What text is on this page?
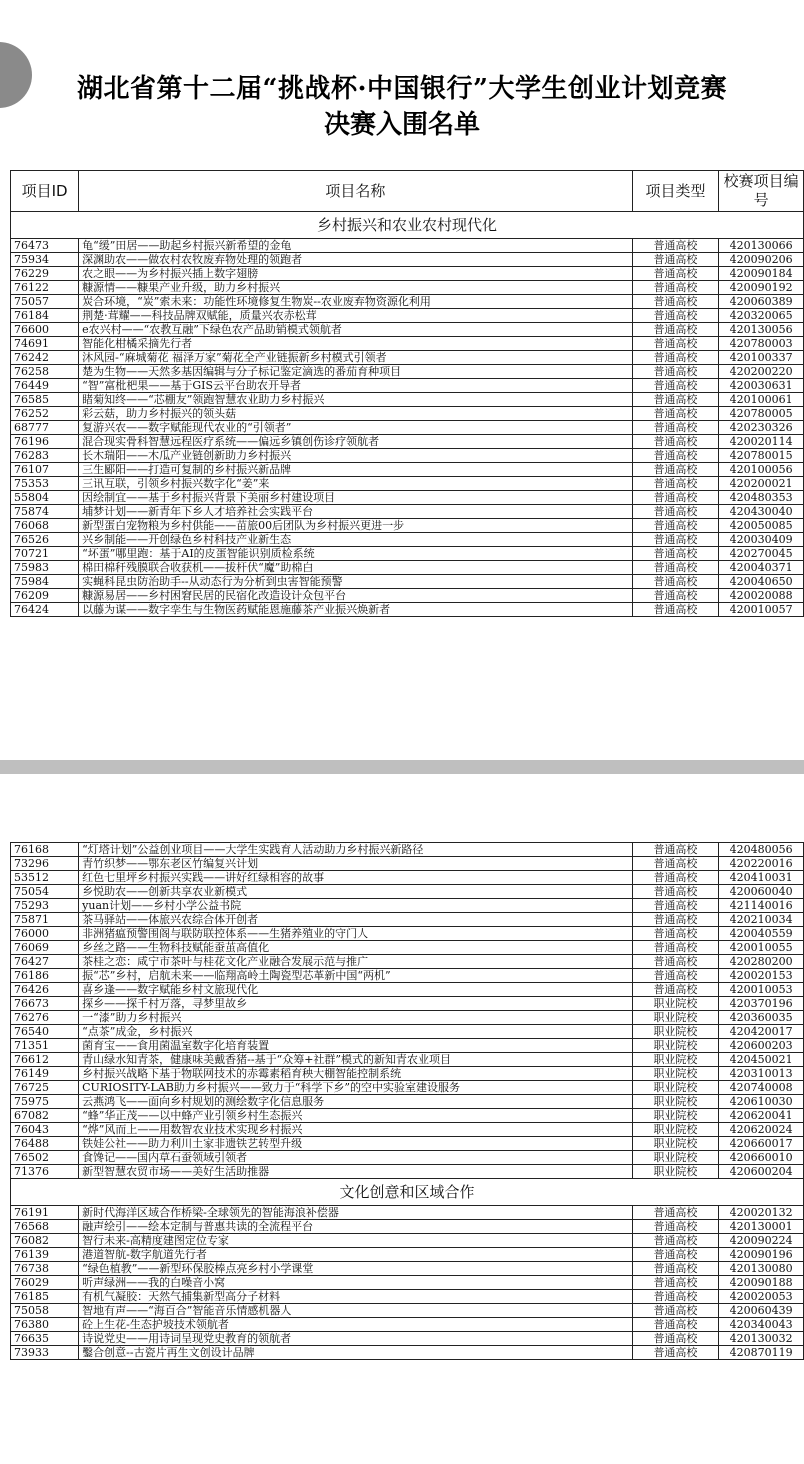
湖北省第十二届“挑战杯·中国银行”大学生创业计划竞赛
决赛入围名单
项目ID	项目名称	项目类型	校赛项目编号
乡村振兴和农业农村现代化			
76473	龟“缓”田居——助起乡村振兴新希望的金龟	普通高校	420130066
75934	深渊助农——做农村农牧废弃物处理的领跑者	普通高校	420090206
76229	农之眼——为乡村振兴插上数字翅膀	普通高校	420090184
76122	糠源情——糠果产业升级，助力乡村振兴	普通高校	420090192
75057	炭合环境，“炭”索未来：功能性环境修复生物炭--农业废弃物资源化利用	普通高校	420060389
76184	荆楚·茸耀——科技品牌双赋能，质量兴农赤松茸	普通高校	420320065
76600	e农兴村——“农教互融”下绿色农产品助销模式领航者	普通高校	420130056
74691	智能化柑橘采摘先行者	普通高校	420780003
76242	沐风园-“麻城菊花 福泽万家”菊花全产业链振新乡村模式引领者	普通高校	420100337
76258	楚为生物——天然多基因编辑与分子标记鉴定滴选的番茄育种项目	普通高校	420200220
76449	“智”富枇杷果——基于GIS云平台助农开导者	普通高校	420030631
76585	睹菊知终——“芯棚友”领跑智慧农业助力乡村振兴	普通高校	420100061
76252	彩云菇，助力乡村振兴的领头菇	普通高校	420780005
68777	复游兴农——数字赋能现代农业的“引领者”	普通高校	420230326
76196	混合现实骨科智慧远程医疗系统——偏远乡镇创伤诊疗领航者	普通高校	420020114
76283	长木瑞阳——木瓜产业链创新助力乡村振兴	普通高校	420780015
76107	三生郾阳——打造可复制的乡村振兴新品牌	普通高校	420100056
75353	三讯互联，引领乡村振兴数字化“姜”来	普通高校	420200021
55804	因绘制宜——基于乡村振兴背景下美丽乡村建设项目	普通高校	420480353
75874	埔梦计划——新青年下乡人才培养社会实践平台	普通高校	420430040
76068	新型蛋白宠物粮为乡村供能——苗旅00后团队为乡村振兴更进一步	普通高校	420050085
76526	兴乡制能——开创绿色乡村科技产业新生态	普通高校	420030409
70721	“坏蛋”哪里跑：基于AI的皮蛋智能识别质检系统	普通高校	420270045
75983	棉田棉秆残膜联合收获机——拔杆伏“魔”助棉白	普通高校	420040371
75984	实蝇科昆虫防治助手--从动态行为分析到虫害智能预警	普通高校	420040650
76209	糠源易居——乡村困窘民居的民宿化改造设计众包平台	普通高校	420020088
76424	以藤为谋——数字孪生与生物医药赋能恩施藤茶产业振兴焕新者	普通高校	420010057
76168	“灯塔计划”公益创业项目——大学生实践育人活动助力乡村振兴新路径	普通高校	420480056
73296	青竹织梦——鄂东老区竹编复兴计划	普通高校	420220016
53512	红色七里坪乡村振兴实践——讲好红绿相容的故事	普通高校	420410031
75054	乡悦助农——创新共享农业新模式	普通高校	420060040
75293	yuan计划——乡村小学公益书院	普通高校	421140016
75871	茶马驿站——体旅兴农综合体开创者	普通高校	420210034
76000	非洲猪瘟预警围阁与联防联控体系——生猪养殖业的守门人	普通高校	420040559
76069	乡丝之路——生物科技赋能蚕茧高值化	普通高校	420010055
76427	茶桂之恋：咸宁市茶叶与桂花文化产业融合发展示范与推广	普通高校	420280200
76186	振“芯”乡村，启航未来——临翔高岭土陶瓷型芯革新中国“两机”	普通高校	420020153
76426	喜乡逢——数字赋能乡村文旅现代化	普通高校	420010053
76673	探乡——探千村万落，寻梦里故乡	职业院校	420370196
76276	一“漆”助力乡村振兴	职业院校	420360035
76540	“点茶”成金，乡村振兴	职业院校	420420017
71351	菌育宝——食用菌温室数字化培育装置	职业院校	420600203
76612	青山绿水知青茶，健康味美戴香猪--基于“众筹+社群”模式的新知青农业项目	职业院校	420450021
76149	乡村振兴战略下基于物联网技术的赤霉素稻育秧大棚智能控制系统	职业院校	420310013
76725	CURIOSITY-LAB助力乡村振兴——致力于“科学下乡”的空中实验室建设服务	职业院校	420740008
75975	云燕鸿飞——面向乡村规划的测绘数字化信息服务	职业院校	420610030
67082	“蜂”华正茂——以中蜂产业引领乡村生态振兴	职业院校	420620041
76043	“烨”风而上——用数智农业技术实现乡村振兴	职业院校	420620024
76488	铁娃公社——助力利川土家非遗铁艺转型升级	职业院校	420660017
76502	食馋记——国内草石蚕领域引领者	职业院校	420660010
71376	新型智慧农贸市场——美好生活助推器	职业院校	420600204
文化创意和区域合作			
76191	新时代海洋区域合作桥梁-全球领先的智能海浪补偿器	普通高校	420020132
76568	融声绘引——绘本定制与普惠共读的全流程平台	普通高校	420130001
76082	智行未来-高精度建图定位专家	普通高校	420090224
76139	港道智航-数字航道先行者	普通高校	420090196
76738	“绿色植教”——新型环保胶棒点亮乡村小学课堂	普通高校	420130080
76029	听声绿洲——我的白噪音小窝	普通高校	420090188
76185	有机气凝胶：天然气捕集新型高分子材料	普通高校	420020053
75058	智地有声——“海百合”智能音乐情感机器人	普通高校	420060439
76380	砼上生花-生态护坡技术领航者	普通高校	420340043
76635	诗说党史——用诗词呈现党史教育的领航者	普通高校	420130032
73933	鑿合创意--古瓷片再生文创设计品牌	普通高校	420870119
